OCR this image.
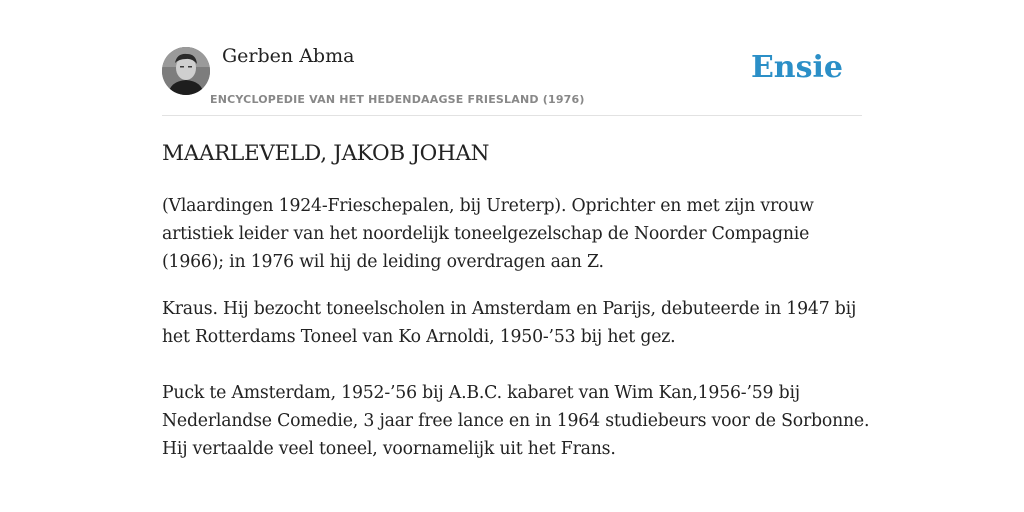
Gerben Abma
ENCYCLOPEDIE VAN HET HEDENDAAGSE FRIESLAND (1976)
Ensie
MAARLEVELD, JAKOB JOHAN

(Vlaardingen 1924-Frieschepalen, bij Ureterp). Oprichter en met zijn vrouw
artistiek leider van het noordelijk toneelgezelschap de Noorder Compagnie
(1966); in 1976 wil hij de leiding overdragen aan Z.

Kraus. Hij bezocht toneelscholen in Amsterdam en Parijs, debuteerde in 1947 bij
het Rotterdams Toneel van Ko Arnoldi, 1950-’53 bij het gez.

Puck te Amsterdam, 1952-’56 bij A.B.C. kabaret van Wim Kan,1956-’59 bij
Nederlandse Comedie, 3 jaar free lance en in 1964 studiebeurs voor de Sorbonne.
Hij vertaalde veel toneel, voornamelijk uit het Frans.
